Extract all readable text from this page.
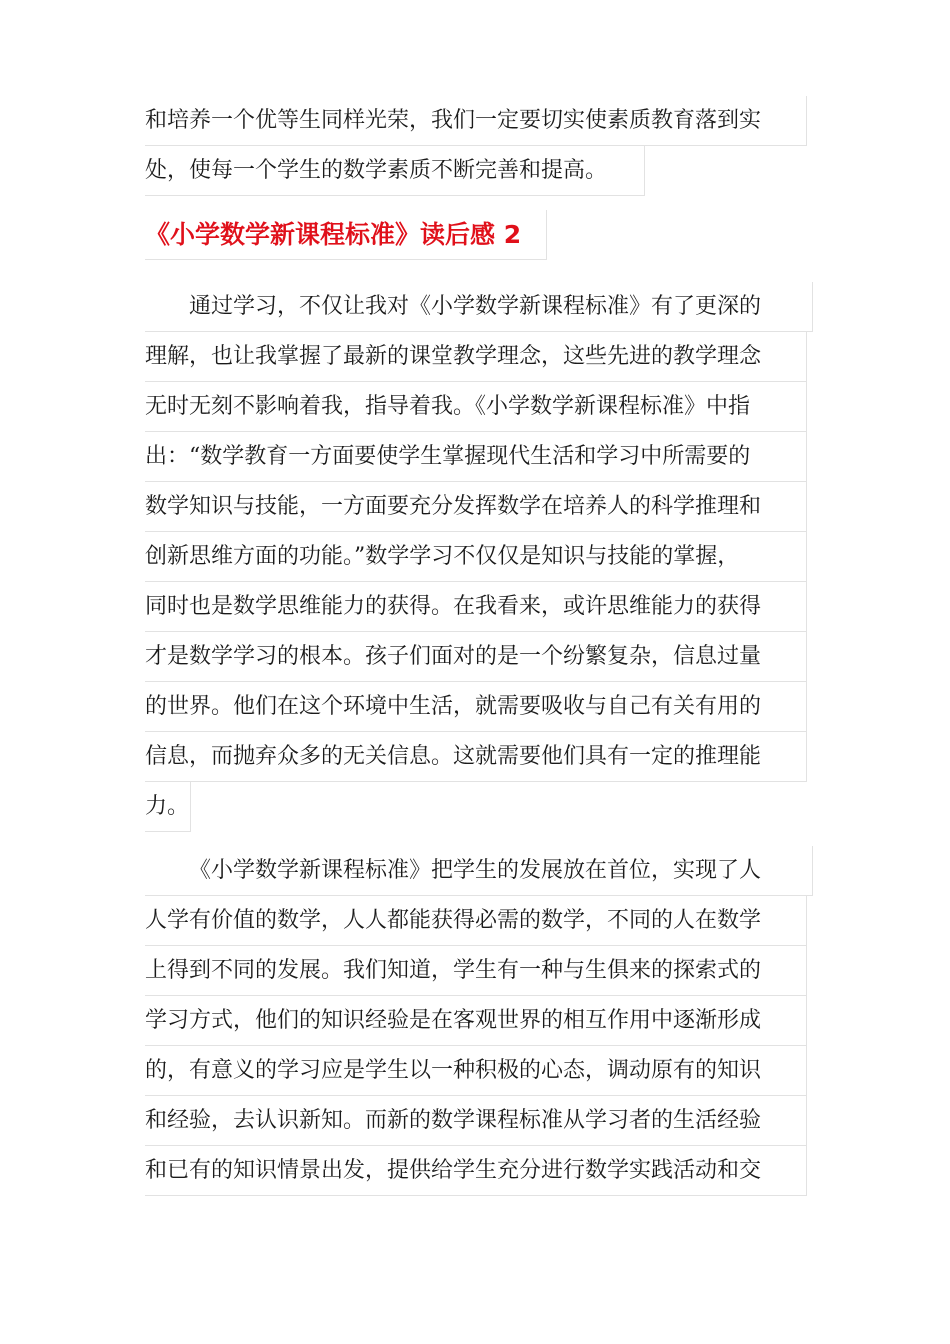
和培养一个优等生同样光荣，我们一定要切实使素质教育落到实
处，使每一个学生的数学素质不断完善和提高。
《小学数学新课程标准》读后感 2
通过学习，不仅让我对《小学数学新课程标准》有了更深的
理解，也让我掌握了最新的课堂教学理念，这些先进的教学理念
无时无刻不影响着我，指导着我。《小学数学新课程标准》中指
出：“数学教育一方面要使学生掌握现代生活和学习中所需要的
数学知识与技能，一方面要充分发挥数学在培养人的科学推理和
创新思维方面的功能。”数学学习不仅仅是知识与技能的掌握，
同时也是数学思维能力的获得。在我看来，或许思维能力的获得
才是数学学习的根本。孩子们面对的是一个纷繁复杂，信息过量
的世界。他们在这个环境中生活，就需要吸收与自己有关有用的
信息，而抛弃众多的无关信息。这就需要他们具有一定的推理能
力。
《小学数学新课程标准》把学生的发展放在首位，实现了人
人学有价值的数学，人人都能获得必需的数学，不同的人在数学
上得到不同的发展。我们知道，学生有一种与生俱来的探索式的
学习方式，他们的知识经验是在客观世界的相互作用中逐渐形成
的，有意义的学习应是学生以一种积极的心态，调动原有的知识
和经验，去认识新知。而新的数学课程标准从学习者的生活经验
和已有的知识情景出发，提供给学生充分进行数学实践活动和交
